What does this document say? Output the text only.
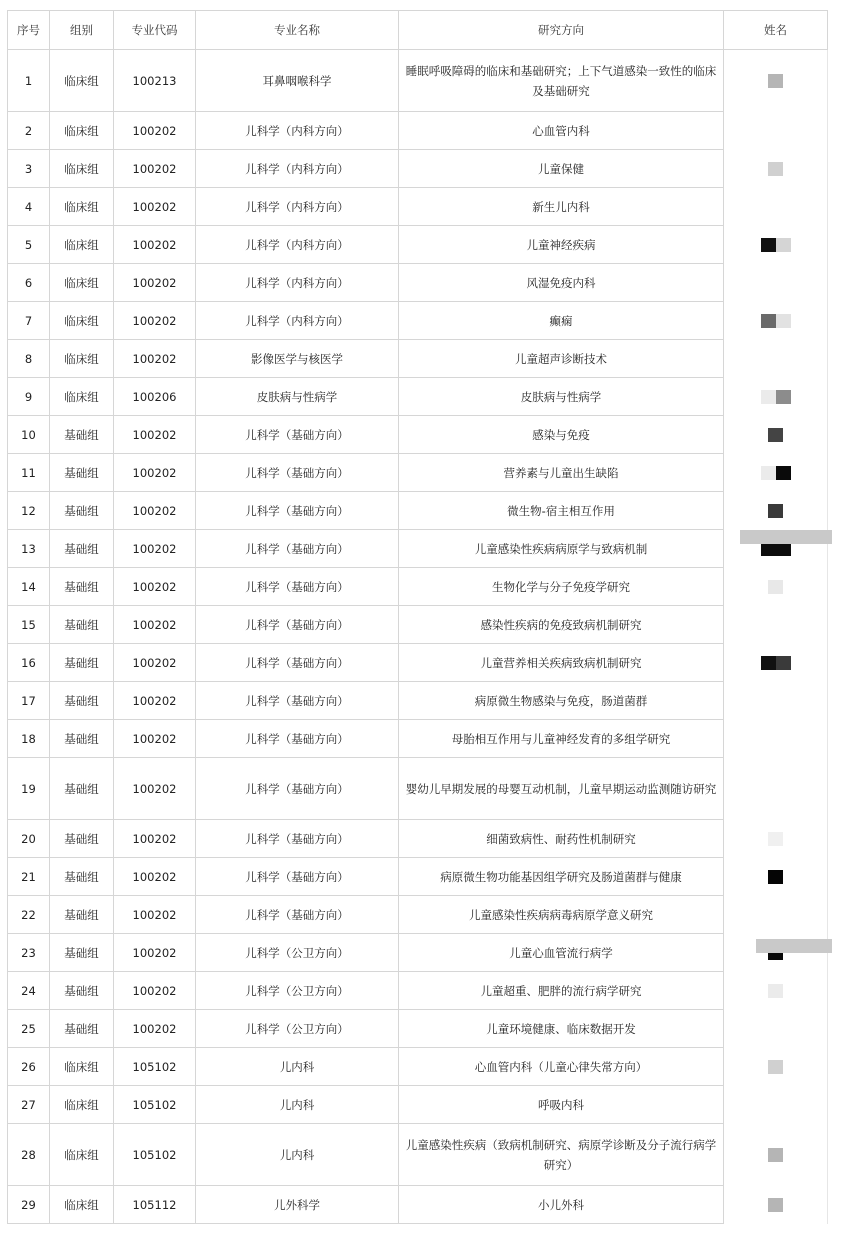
序号	组别	专业代码	专业名称	研究方向	姓名
1	临床组	100213	耳鼻咽喉科学	睡眠呼吸障碍的临床和基础研究；上下气道感染一致性的临床及基础研究	
2	临床组	100202	儿科学（内科方向）	心血管内科	
3	临床组	100202	儿科学（内科方向）	儿童保健	
4	临床组	100202	儿科学（内科方向）	新生儿内科	
5	临床组	100202	儿科学（内科方向）	儿童神经疾病	
6	临床组	100202	儿科学（内科方向）	风湿免疫内科	
7	临床组	100202	儿科学（内科方向）	癫痫	
8	临床组	100202	影像医学与核医学	儿童超声诊断技术	
9	临床组	100206	皮肤病与性病学	皮肤病与性病学	
10	基础组	100202	儿科学（基础方向）	感染与免疫	
11	基础组	100202	儿科学（基础方向）	营养素与儿童出生缺陷	
12	基础组	100202	儿科学（基础方向）	微生物-宿主相互作用	
13	基础组	100202	儿科学（基础方向）	儿童感染性疾病病原学与致病机制	
14	基础组	100202	儿科学（基础方向）	生物化学与分子免疫学研究	
15	基础组	100202	儿科学（基础方向）	感染性疾病的免疫致病机制研究	
16	基础组	100202	儿科学（基础方向）	儿童营养相关疾病致病机制研究	
17	基础组	100202	儿科学（基础方向）	病原微生物感染与免疫，肠道菌群	
18	基础组	100202	儿科学（基础方向）	母胎相互作用与儿童神经发育的多组学研究	
19	基础组	100202	儿科学（基础方向）	婴幼儿早期发展的母婴互动机制，儿童早期运动监测随访研究	
20	基础组	100202	儿科学（基础方向）	细菌致病性、耐药性机制研究	
21	基础组	100202	儿科学（基础方向）	病原微生物功能基因组学研究及肠道菌群与健康	
22	基础组	100202	儿科学（基础方向）	儿童感染性疾病病毒病原学意义研究	
23	基础组	100202	儿科学（公卫方向）	儿童心血管流行病学	
24	基础组	100202	儿科学（公卫方向）	儿童超重、肥胖的流行病学研究	
25	基础组	100202	儿科学（公卫方向）	儿童环境健康、临床数据开发	
26	临床组	105102	儿内科	心血管内科（儿童心律失常方向）	
27	临床组	105102	儿内科	呼吸内科	
28	临床组	105102	儿内科	儿童感染性疾病（致病机制研究、病原学诊断及分子流行病学研究）	
29	临床组	105112	儿外科学	小儿外科	
